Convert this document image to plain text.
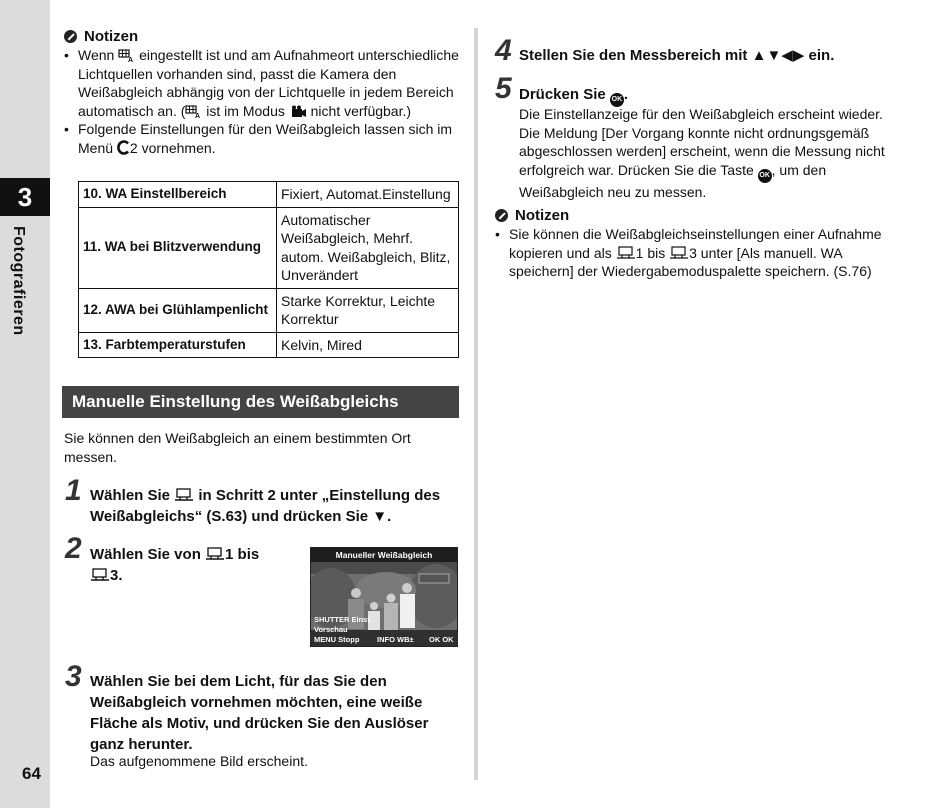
3
Fotografieren
64
Notizen
• Wenn A eingestellt ist und am Aufnahmeort unterschiedliche Lichtquellen vorhanden sind, passt die Kamera den Weißabgleich abhängig von der Lichtquelle in jedem Bereich automatisch an. ( A ist im Modus  nicht verfügbar.)
• Folgende Einstellungen für den Weißabgleich lassen sich im Menü 2 vornehmen.
10. WA Einstellbereich	Fixiert, Automat.Einstellung
11. WA bei Blitzverwendung	Automatischer Weißabgleich, Mehrf. autom. Weißabgleich, Blitz, Unverändert
12. AWA bei Glühlampenlicht	Starke Korrektur, Leichte Korrektur
13. Farbtemperaturstufen	Kelvin, Mired
Manuelle Einstellung des Weißabgleichs
Sie können den Weißabgleich an einem bestimmten Ort messen.
1 Wählen Sie  in Schritt 2 unter „Einstellung des Weißabgleichs“ (S.63) und drücken Sie ▼.
2 Wählen Sie von 1 bis
3.
Manueller Weißabgleich
SHUTTER Einst.
Vorschau
MENU Stopp INFO WB± OK OK
3 Wählen Sie bei dem Licht, für das Sie den Weißabgleich vornehmen möchten, eine weiße Fläche als Motiv, und drücken Sie den Auslöser ganz herunter.
Das aufgenommene Bild erscheint.
4 Stellen Sie den Messbereich mit ▲▼◀▶ ein.
5 Drücken Sie OK .
Die Einstellanzeige für den Weißabgleich erscheint wieder. Die Meldung [Der Vorgang konnte nicht ordnungsgemäß abgeschlossen werden] erscheint, wenn die Messung nicht erfolgreich war. Drücken Sie die Taste OK , um den Weißabgleich neu zu messen.
Notizen
• Sie können die Weißabgleichseinstellungen einer Aufnahme kopieren und als 1 bis 3 unter [Als manuell. WA speichern] der Wiedergabemoduspalette speichern. (S.76)
